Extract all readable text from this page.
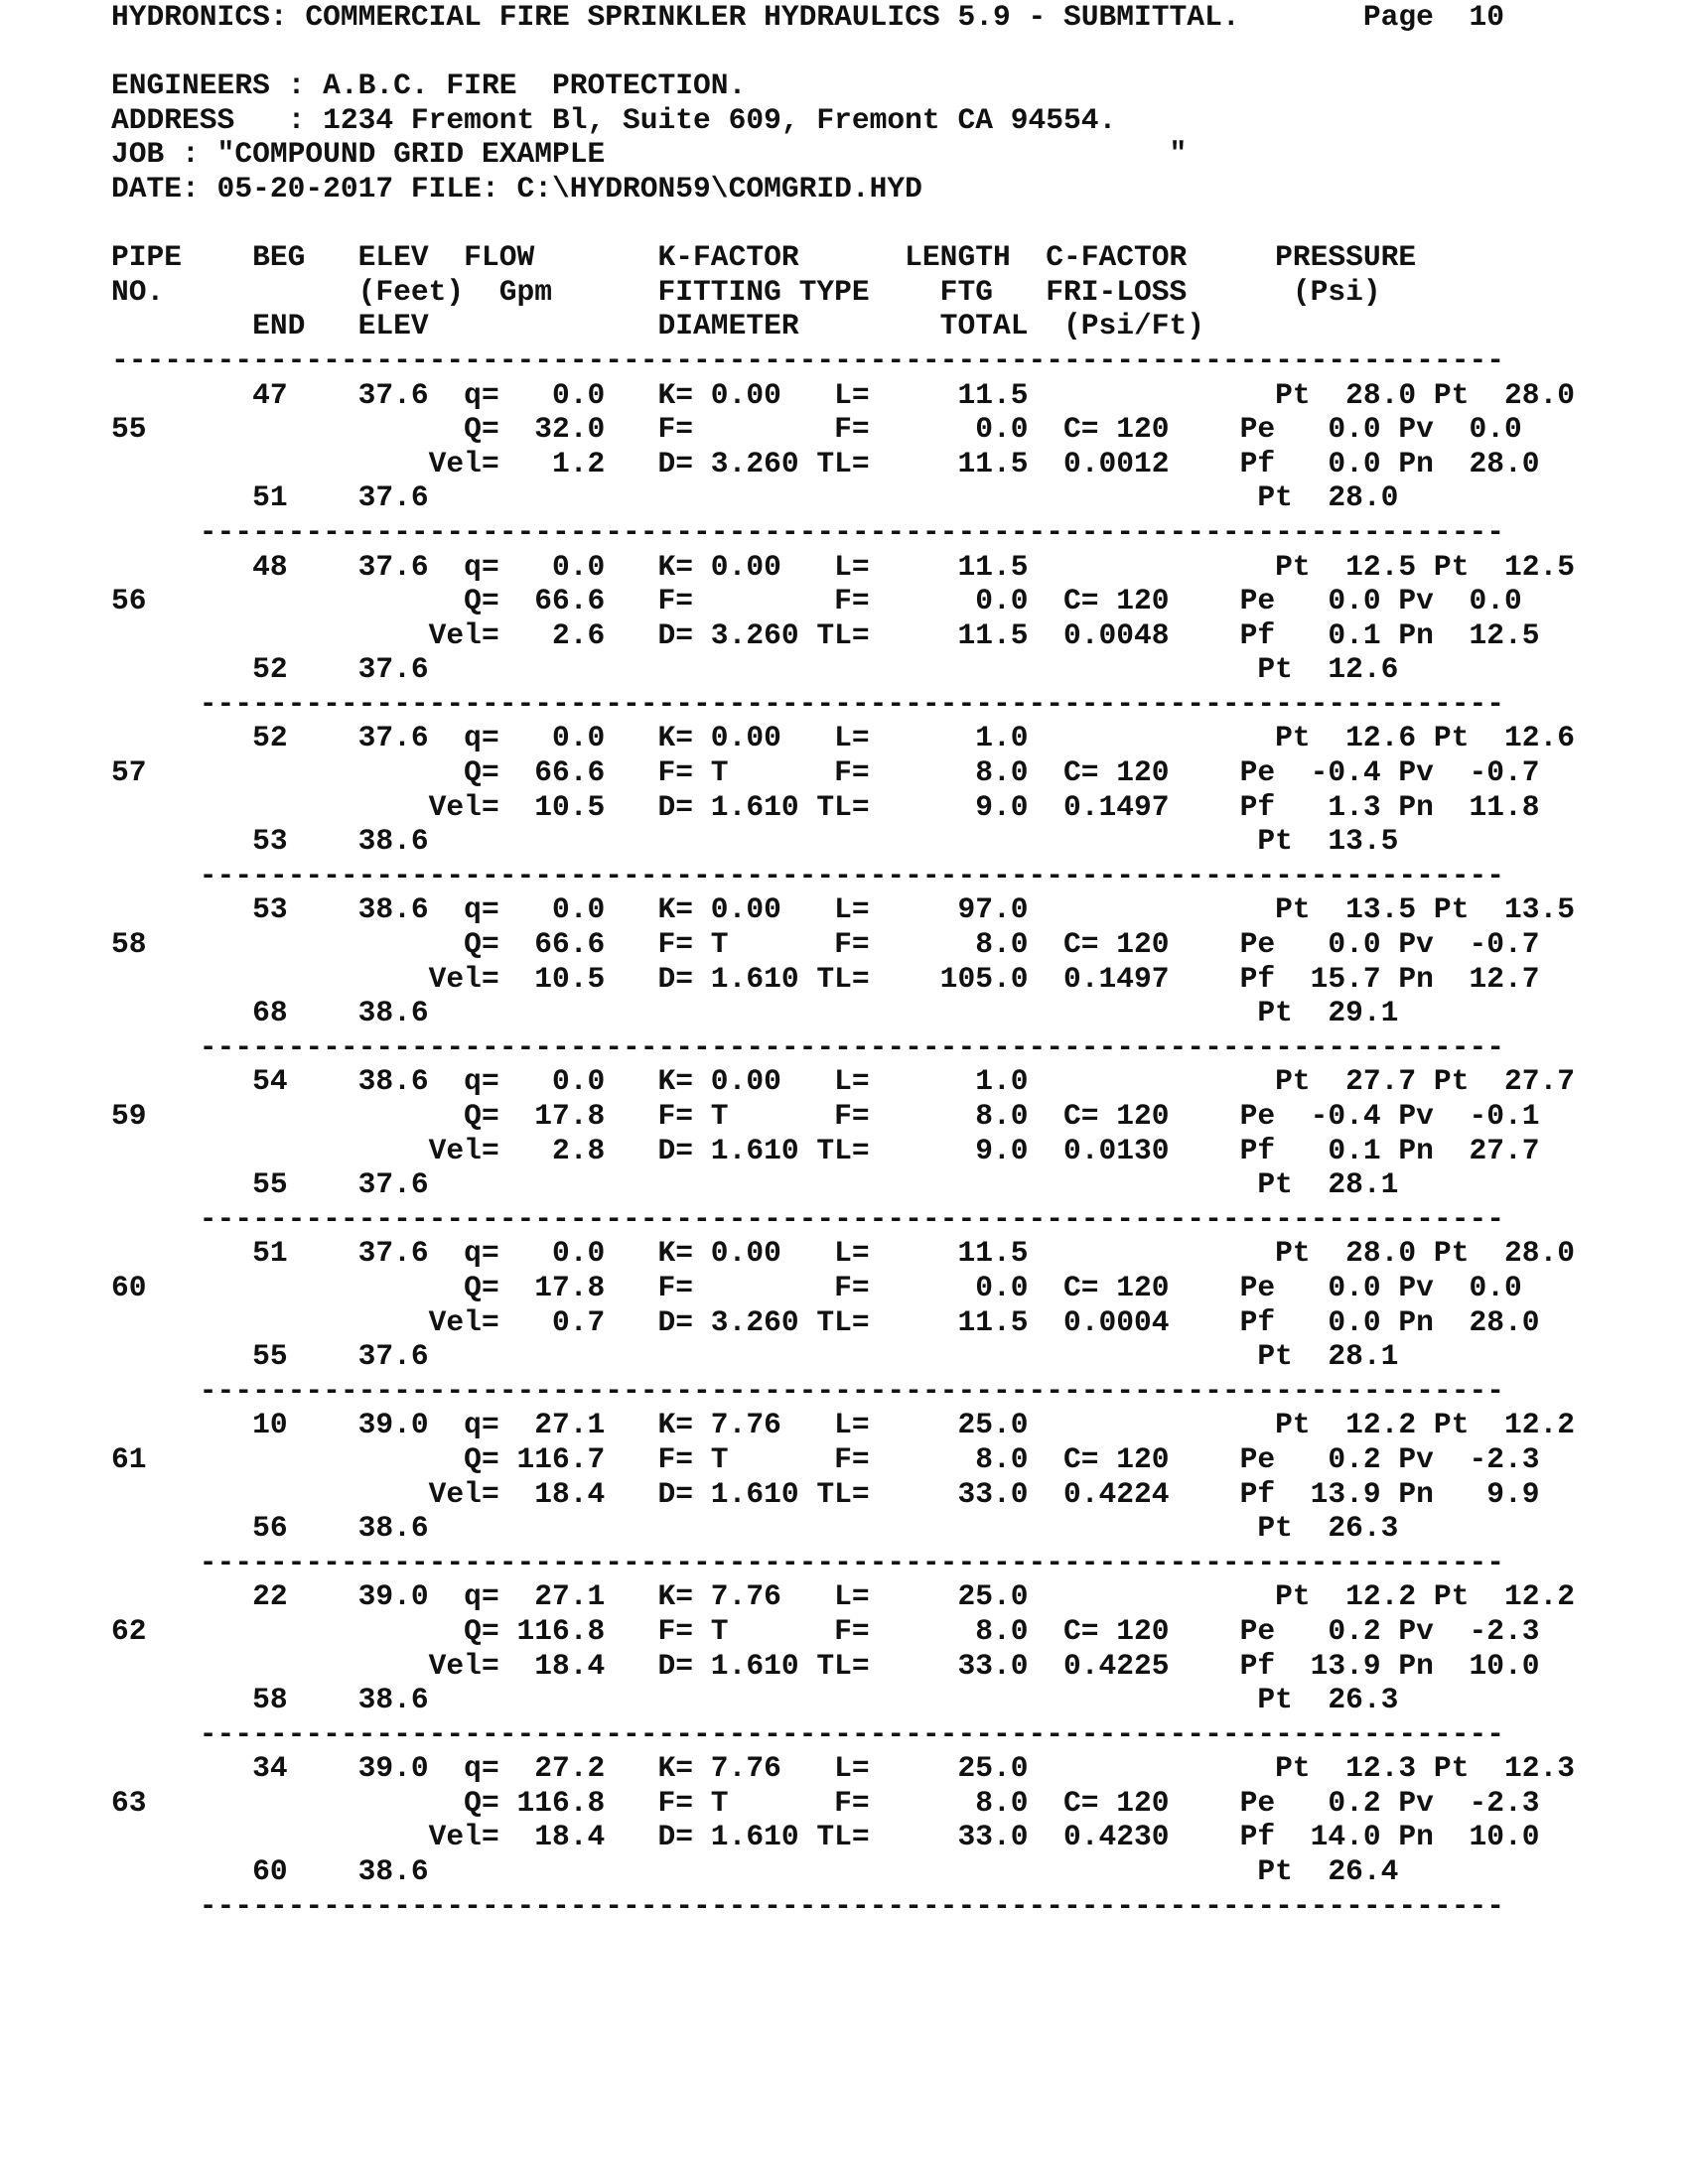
HYDRONICS: COMMERCIAL FIRE SPRINKLER HYDRAULICS 5.9 - SUBMITTAL.       Page  10

ENGINEERS : A.B.C. FIRE  PROTECTION.
ADDRESS   : 1234 Fremont Bl, Suite 609, Fremont CA 94554.
JOB : "COMPOUND GRID EXAMPLE                                "
DATE: 05-20-2017 FILE: C:\HYDRON59\COMGRID.HYD

PIPE    BEG   ELEV  FLOW       K-FACTOR      LENGTH  C-FACTOR     PRESSURE
NO.           (Feet)  Gpm      FITTING TYPE    FTG   FRI-LOSS      (Psi)
END   ELEV             DIAMETER        TOTAL  (Psi/Ft)
-------------------------------------------------------------------------------
47    37.6  q=   0.0   K= 0.00   L=     11.5              Pt  28.0 Pt  28.0
55                  Q=  32.0   F=        F=      0.0  C= 120    Pe   0.0 Pv  0.0
Vel=   1.2   D= 3.260 TL=     11.5  0.0012    Pf   0.0 Pn  28.0
51    37.6                                               Pt  28.0
--------------------------------------------------------------------------
48    37.6  q=   0.0   K= 0.00   L=     11.5              Pt  12.5 Pt  12.5
56                  Q=  66.6   F=        F=      0.0  C= 120    Pe   0.0 Pv  0.0
Vel=   2.6   D= 3.260 TL=     11.5  0.0048    Pf   0.1 Pn  12.5
52    37.6                                               Pt  12.6
--------------------------------------------------------------------------
52    37.6  q=   0.0   K= 0.00   L=      1.0              Pt  12.6 Pt  12.6
57                  Q=  66.6   F= T      F=      8.0  C= 120    Pe  -0.4 Pv  -0.7
Vel=  10.5   D= 1.610 TL=      9.0  0.1497    Pf   1.3 Pn  11.8
53    38.6                                               Pt  13.5
--------------------------------------------------------------------------
53    38.6  q=   0.0   K= 0.00   L=     97.0              Pt  13.5 Pt  13.5
58                  Q=  66.6   F= T      F=      8.0  C= 120    Pe   0.0 Pv  -0.7
Vel=  10.5   D= 1.610 TL=    105.0  0.1497    Pf  15.7 Pn  12.7
68    38.6                                               Pt  29.1
--------------------------------------------------------------------------
54    38.6  q=   0.0   K= 0.00   L=      1.0              Pt  27.7 Pt  27.7
59                  Q=  17.8   F= T      F=      8.0  C= 120    Pe  -0.4 Pv  -0.1
Vel=   2.8   D= 1.610 TL=      9.0  0.0130    Pf   0.1 Pn  27.7
55    37.6                                               Pt  28.1
--------------------------------------------------------------------------
51    37.6  q=   0.0   K= 0.00   L=     11.5              Pt  28.0 Pt  28.0
60                  Q=  17.8   F=        F=      0.0  C= 120    Pe   0.0 Pv  0.0
Vel=   0.7   D= 3.260 TL=     11.5  0.0004    Pf   0.0 Pn  28.0
55    37.6                                               Pt  28.1
--------------------------------------------------------------------------
10    39.0  q=  27.1   K= 7.76   L=     25.0              Pt  12.2 Pt  12.2
61                  Q= 116.7   F= T      F=      8.0  C= 120    Pe   0.2 Pv  -2.3
Vel=  18.4   D= 1.610 TL=     33.0  0.4224    Pf  13.9 Pn   9.9
56    38.6                                               Pt  26.3
--------------------------------------------------------------------------
22    39.0  q=  27.1   K= 7.76   L=     25.0              Pt  12.2 Pt  12.2
62                  Q= 116.8   F= T      F=      8.0  C= 120    Pe   0.2 Pv  -2.3
Vel=  18.4   D= 1.610 TL=     33.0  0.4225    Pf  13.9 Pn  10.0
58    38.6                                               Pt  26.3
--------------------------------------------------------------------------
34    39.0  q=  27.2   K= 7.76   L=     25.0              Pt  12.3 Pt  12.3
63                  Q= 116.8   F= T      F=      8.0  C= 120    Pe   0.2 Pv  -2.3
Vel=  18.4   D= 1.610 TL=     33.0  0.4230    Pf  14.0 Pn  10.0
60    38.6                                               Pt  26.4
--------------------------------------------------------------------------
